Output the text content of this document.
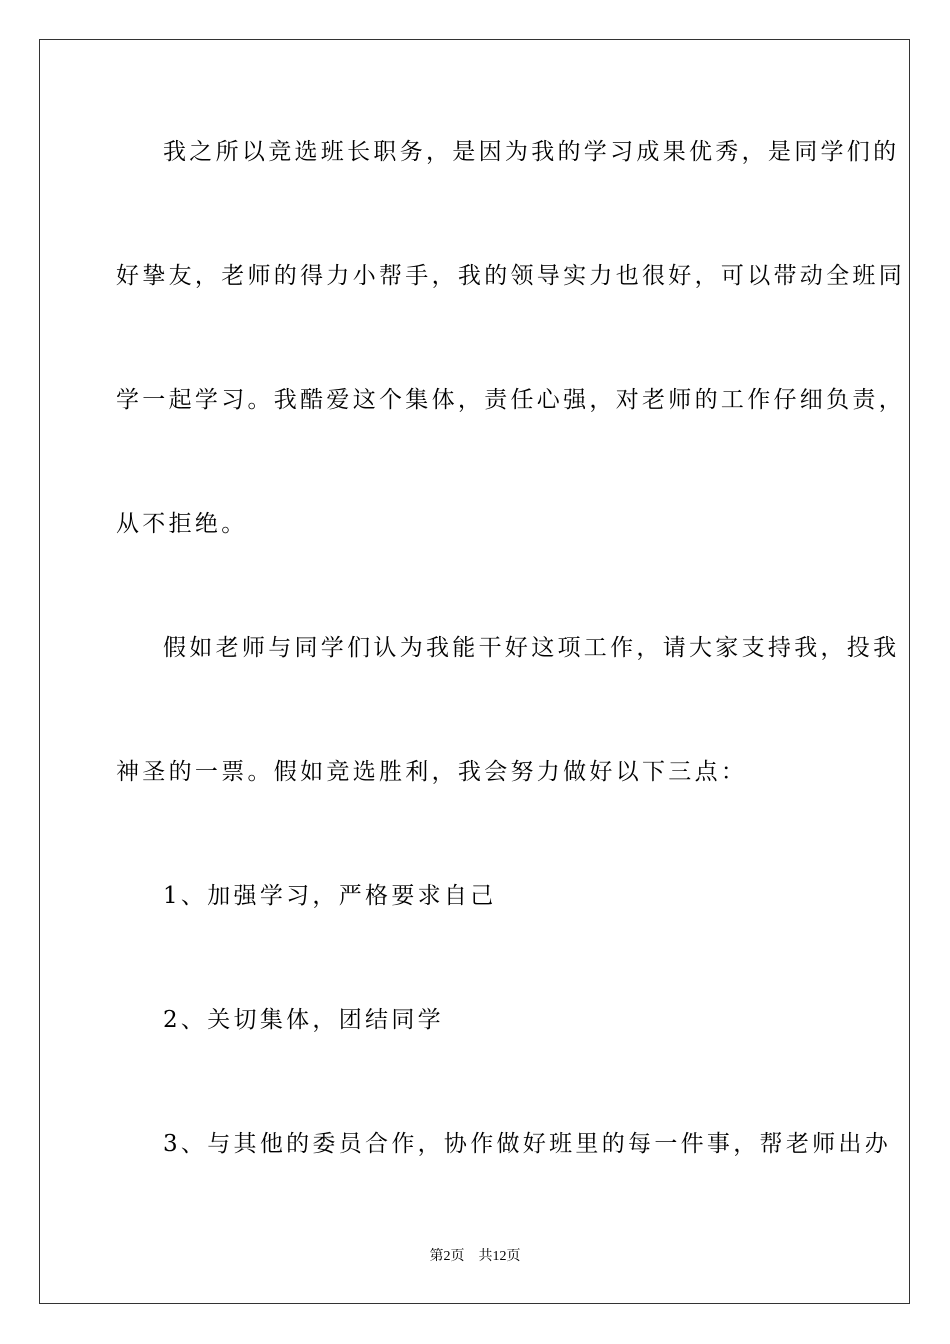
我之所以竞选班长职务，是因为我的学习成果优秀，是同学们的
好挚友，老师的得力小帮手，我的领导实力也很好，可以带动全班同
学一起学习。我酷爱这个集体，责任心强，对老师的工作仔细负责，
从不拒绝。
假如老师与同学们认为我能干好这项工作，请大家支持我，投我
神圣的一票。假如竞选胜利，我会努力做好以下三点：
1、加强学习，严格要求自己
2、关切集体，团结同学
3、与其他的委员合作，协作做好班里的每一件事，帮老师出办
第2页　共12页
